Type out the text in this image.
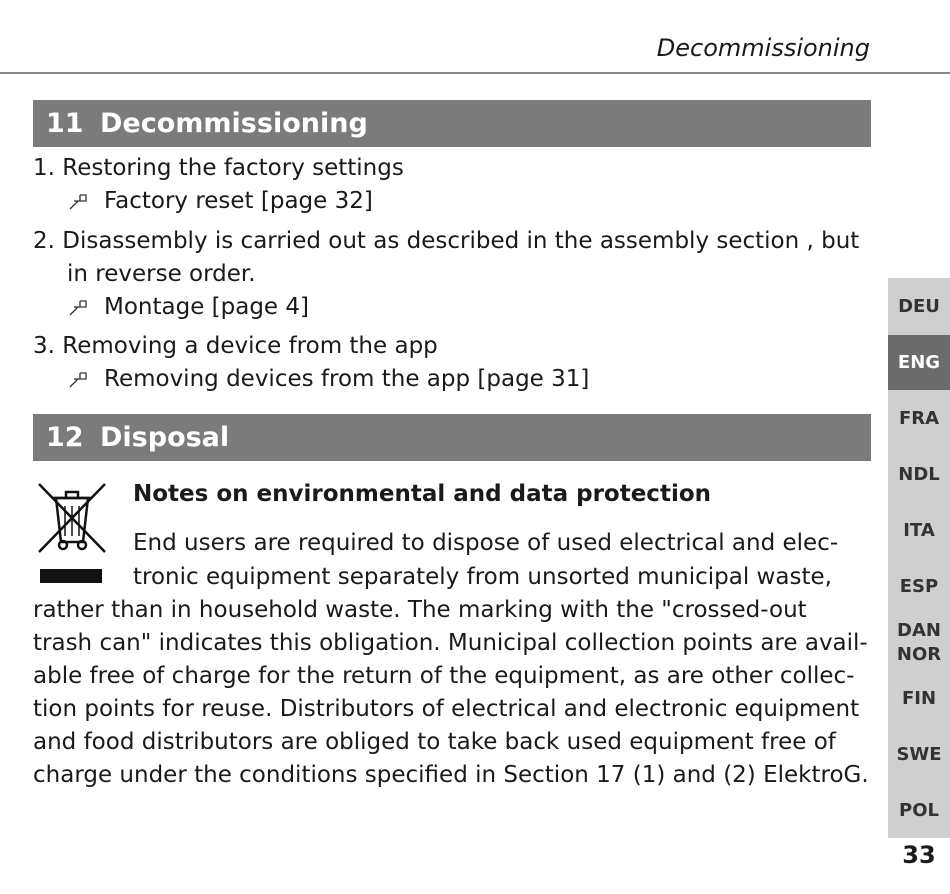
Decommissioning
11 Decommissioning
1. Restoring the factory settings
Factory reset [page 32]
2. Disassembly is carried out as described in the assembly section , but
in reverse order.
Montage [page 4]
3. Removing a device from the app
Removing devices from the app [page 31]
12 Disposal
Notes on environmental and data protection
End users are required to dispose of used electrical and elec-
tronic equipment separately from unsorted municipal waste,
rather than in household waste. The marking with the "crossed-out
trash can" indicates this obligation. Municipal collection points are avail-
able free of charge for the return of the equipment, as are other collec-
tion points for reuse. Distributors of electrical and electronic equipment
and food distributors are obliged to take back used equipment free of
charge under the conditions specified in Section 17 (1) and (2) ElektroG.
DEU
ENG
FRA
NDL
ITA
ESP
DAN
NOR
FIN
SWE
POL
33
